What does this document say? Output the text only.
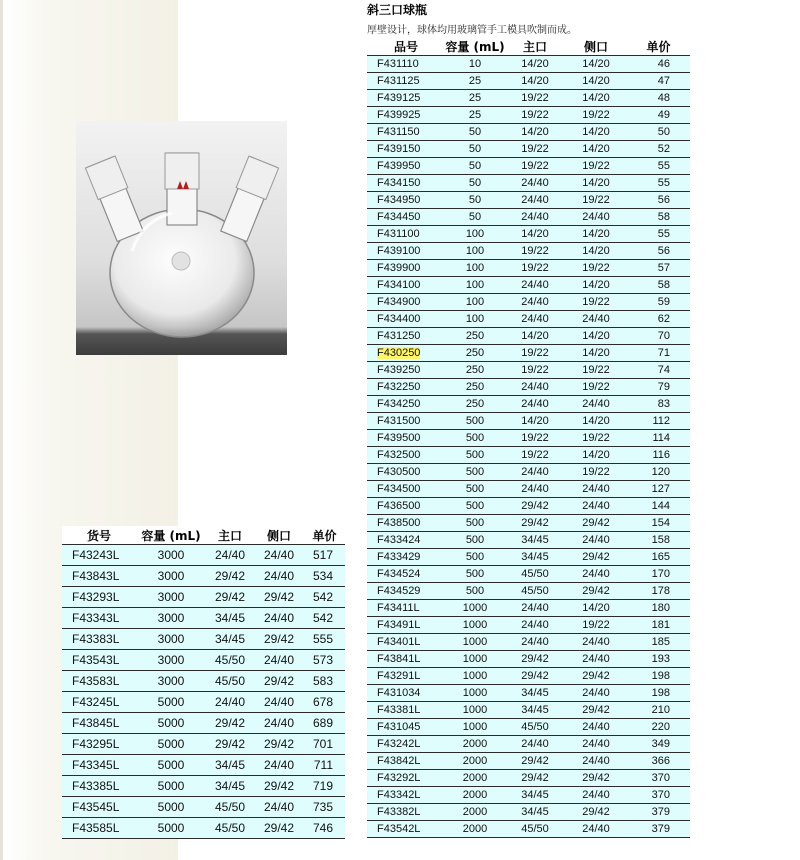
斜三口球瓶

厚壁设计，球体均用玻璃管手工模具吹制而成。

品号	容量 (mL)	主口	侧口	单价
F431110	10	14/20	14/20	46
F431125	25	14/20	14/20	47
F439125	25	19/22	14/20	48
F439925	25	19/22	19/22	49
F431150	50	14/20	14/20	50
F439150	50	19/22	14/20	52
F439950	50	19/22	19/22	55
F434150	50	24/40	14/20	55
F434950	50	24/40	19/22	56
F434450	50	24/40	24/40	58
F431100	100	14/20	14/20	55
F439100	100	19/22	14/20	56
F439900	100	19/22	19/22	57
F434100	100	24/40	14/20	58
F434900	100	24/40	19/22	59
F434400	100	24/40	24/40	62
F431250	250	14/20	14/20	70
F430250	250	19/22	14/20	71
F439250	250	19/22	19/22	74
F432250	250	24/40	19/22	79
F434250	250	24/40	24/40	83
F431500	500	14/20	14/20	112
F439500	500	19/22	19/22	114
F432500	500	19/22	14/20	116
F430500	500	24/40	19/22	120
F434500	500	24/40	24/40	127
F436500	500	29/42	24/40	144
F438500	500	29/42	29/42	154
F433424	500	34/45	24/40	158
F433429	500	34/45	29/42	165
F434524	500	45/50	24/40	170
F434529	500	45/50	29/42	178
F43411L	1000	24/40	14/20	180
F43491L	1000	24/40	19/22	181
F43401L	1000	24/40	24/40	185
F43841L	1000	29/42	24/40	193
F43291L	1000	29/42	29/42	198
F431034	1000	34/45	24/40	198
F43381L	1000	34/45	29/42	210
F431045	1000	45/50	24/40	220
F43242L	2000	24/40	24/40	349
F43842L	2000	29/42	24/40	366
F43292L	2000	29/42	29/42	370
F43342L	2000	34/45	24/40	370
F43382L	2000	34/45	29/42	379
F43542L	2000	45/50	24/40	379
货号	容量 (mL)	主口	侧口	单价
F43243L	3000	24/40	24/40	517
F43843L	3000	29/42	24/40	534
F43293L	3000	29/42	29/42	542
F43343L	3000	34/45	24/40	542
F43383L	3000	34/45	29/42	555
F43543L	3000	45/50	24/40	573
F43583L	3000	45/50	29/42	583
F43245L	5000	24/40	24/40	678
F43845L	5000	29/42	24/40	689
F43295L	5000	29/42	29/42	701
F43345L	5000	34/45	24/40	711
F43385L	5000	34/45	29/42	719
F43545L	5000	45/50	24/40	735
F43585L	5000	45/50	29/42	746
